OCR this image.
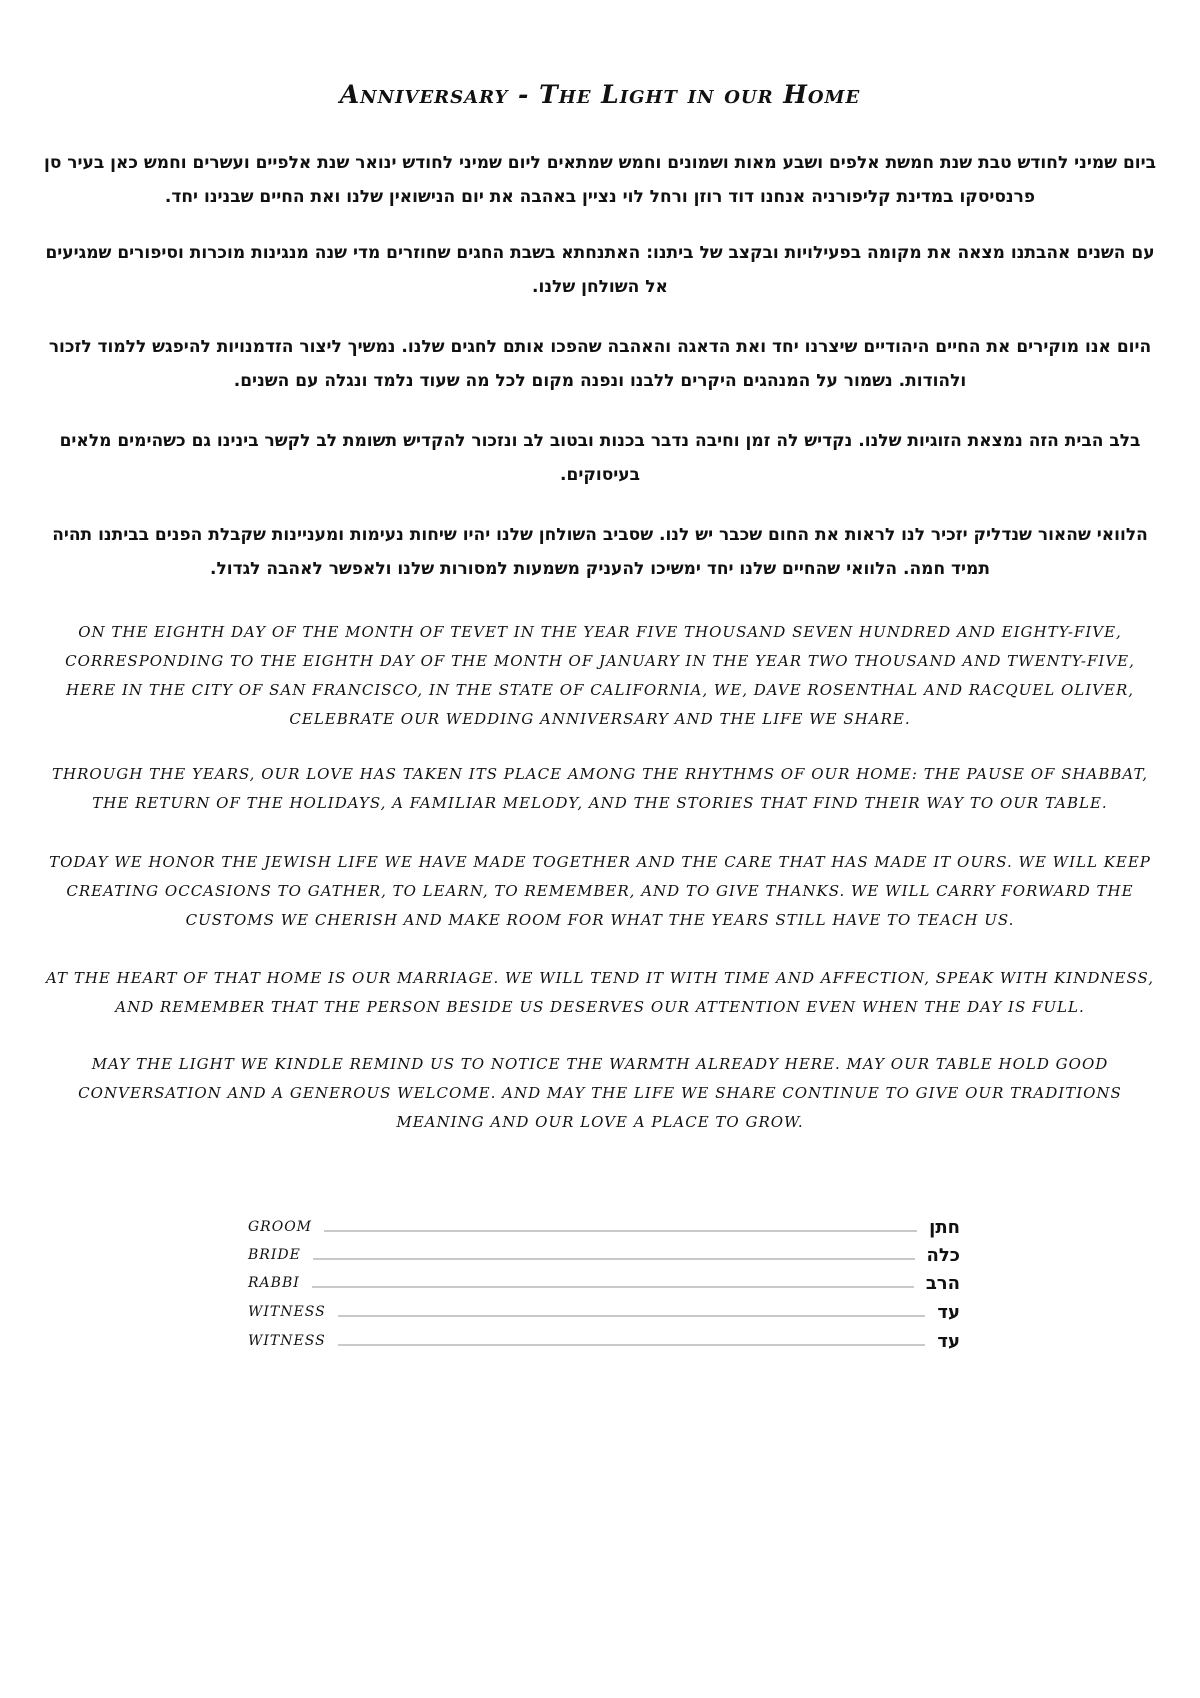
Anniversary - The Light in our Home

ביום שמיני לחודש טבת שנת חמשת אלפים ושבע מאות ושמונים וחמש שמתאים ליום שמיני לחודש ינואר שנת אלפיים ועשרים וחמש כאן בעיר סן פרנסיסקו במדינת קליפורניה אנחנו דוד רוזן ורחל לוי נציין באהבה את יום הנישואין שלנו ואת החיים שבנינו יחד.

עם השנים אהבתנו מצאה את מקומה בפעילויות ובקצב של ביתנו: האתנחתא בשבת החגים שחוזרים מדי שנה מנגינות מוכרות וסיפורים שמגיעים אל השולחן שלנו.

היום אנו מוקירים את החיים היהודיים שיצרנו יחד ואת הדאגה והאהבה שהפכו אותם לחגים שלנו. נמשיך ליצור הזדמנויות להיפגש ללמוד לזכור ולהודות. נשמור על המנהגים היקרים ללבנו ונפנה מקום לכל מה שעוד נלמד ונגלה עם השנים.

בלב הבית הזה נמצאת הזוגיות שלנו. נקדיש לה זמן וחיבה נדבר בכנות ובטוב לב ונזכור להקדיש תשומת לב לקשר בינינו גם כשהימים מלאים בעיסוקים.

הלוואי שהאור שנדליק יזכיר לנו לראות את החום שכבר יש לנו. שסביב השולחן שלנו יהיו שיחות נעימות ומעניינות שקבלת הפנים בביתנו תהיה תמיד חמה. הלוואי שהחיים שלנו יחד ימשיכו להעניק משמעות למסורות שלנו ולאפשר לאהבה לגדול.

ON THE EIGHTH DAY OF THE MONTH OF TEVET IN THE YEAR FIVE THOUSAND SEVEN HUNDRED AND EIGHTY-FIVE, CORRESPONDING TO THE EIGHTH DAY OF THE MONTH OF JANUARY IN THE YEAR TWO THOUSAND AND TWENTY-FIVE, HERE IN THE CITY OF SAN FRANCISCO, IN THE STATE OF CALIFORNIA, WE, DAVE ROSENTHAL AND RACQUEL OLIVER, CELEBRATE OUR WEDDING ANNIVERSARY AND THE LIFE WE SHARE.

THROUGH THE YEARS, OUR LOVE HAS TAKEN ITS PLACE AMONG THE RHYTHMS OF OUR HOME: THE PAUSE OF SHABBAT, THE RETURN OF THE HOLIDAYS, A FAMILIAR MELODY, AND THE STORIES THAT FIND THEIR WAY TO OUR TABLE.

TODAY WE HONOR THE JEWISH LIFE WE HAVE MADE TOGETHER AND THE CARE THAT HAS MADE IT OURS. WE WILL KEEP CREATING OCCASIONS TO GATHER, TO LEARN, TO REMEMBER, AND TO GIVE THANKS. WE WILL CARRY FORWARD THE CUSTOMS WE CHERISH AND MAKE ROOM FOR WHAT THE YEARS STILL HAVE TO TEACH US.

AT THE HEART OF THAT HOME IS OUR MARRIAGE. WE WILL TEND IT WITH TIME AND AFFECTION, SPEAK WITH KINDNESS, AND REMEMBER THAT THE PERSON BESIDE US DESERVES OUR ATTENTION EVEN WHEN THE DAY IS FULL.

MAY THE LIGHT WE KINDLE REMIND US TO NOTICE THE WARMTH ALREADY HERE. MAY OUR TABLE HOLD GOOD CONVERSATION AND A GENEROUS WELCOME. AND MAY THE LIFE WE SHARE CONTINUE TO GIVE OUR TRADITIONS MEANING AND OUR LOVE A PLACE TO GROW.

GROOM	חתן
BRIDE	כלה
RABBI	הרב
WITNESS	עד
WITNESS	עד
